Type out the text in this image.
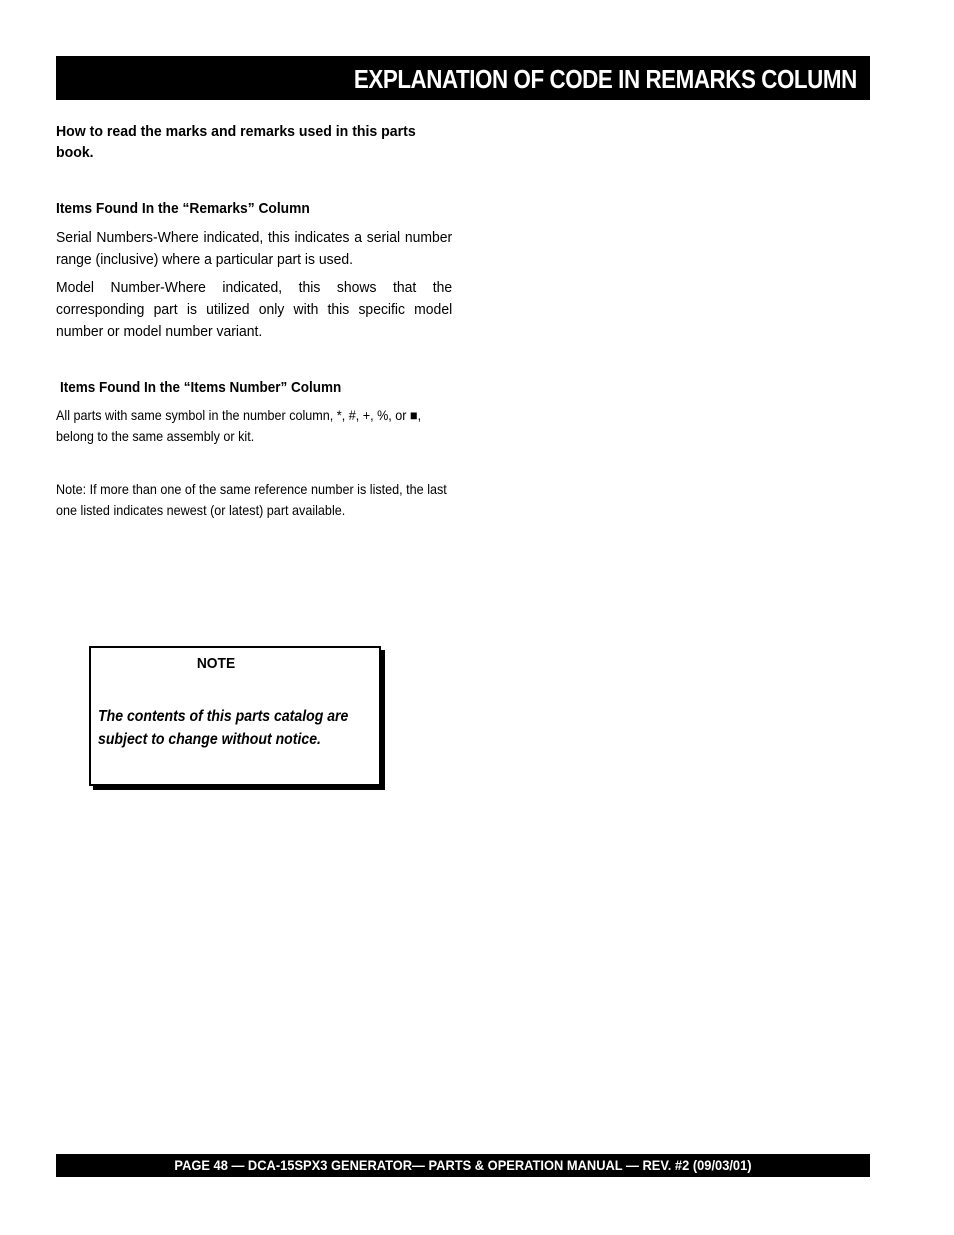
EXPLANATION OF CODE IN REMARKS COLUMN
How to read the marks and remarks used in this parts book.
Items Found In the “Remarks” Column
Serial Numbers-Where indicated, this indicates a serial number range (inclusive) where a particular part is used.
Model Number-Where indicated, this shows that the corresponding part is utilized only with this specific model number or model number variant.
Items Found In the “Items Number” Column
All parts with same symbol in the number column, *, #, +, %, or ■, belong to the same assembly or kit.
Note: If more than one of the same reference number is listed, the last one listed indicates newest (or latest) part available.
NOTE
The contents of this parts catalog are subject to change without notice.
PAGE 48 — DCA-15SPX3 GENERATOR— PARTS & OPERATION MANUAL — REV. #2 (09/03/01)
